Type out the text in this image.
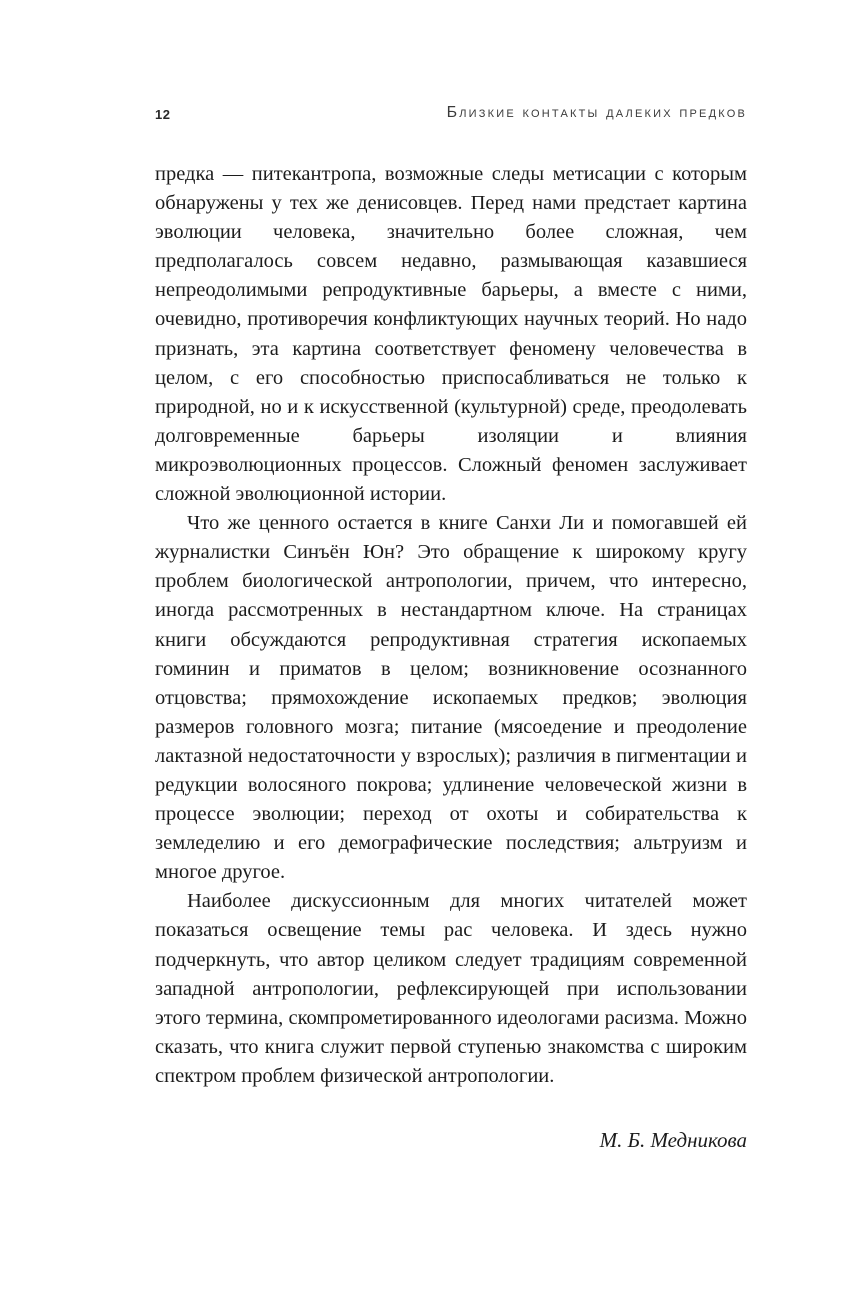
12	Близкие контакты далеких предков

предка — питекантропа, возможные следы метисации с которым обнаружены у тех же денисовцев. Перед нами предстает картина эволюции человека, значительно более сложная, чем предполагалось совсем недавно, размывающая казавшиеся непреодолимыми репродуктивные барьеры, а вместе с ними, очевидно, противоречия конфликтующих научных теорий. Но надо признать, эта картина соответствует феномену человечества в целом, с его способностью приспосабливаться не только к природной, но и к искусственной (культурной) среде, преодолевать долговременные барьеры изоляции и влияния микроэволюционных процессов. Сложный феномен заслуживает сложной эволюционной истории.

Что же ценного остается в книге Санхи Ли и помогавшей ей журналистки Синъён Юн? Это обращение к широкому кругу проблем биологической антропологии, причем, что интересно, иногда рассмотренных в нестандартном ключе. На страницах книги обсуждаются репродуктивная стратегия ископаемых гоминин и приматов в целом; возникновение осознанного отцовства; прямохождение ископаемых предков; эволюция размеров головного мозга; питание (мясоедение и преодоление лактазной недостаточности у взрослых); различия в пигментации и редукции волосяного покрова; удлинение человеческой жизни в процессе эволюции; переход от охоты и собирательства к земледелию и его демографические последствия; альтруизм и многое другое.

Наиболее дискуссионным для многих читателей может показаться освещение темы рас человека. И здесь нужно подчеркнуть, что автор целиком следует традициям современной западной антропологии, рефлексирующей при использовании этого термина, скомпрометированного идеологами расизма. Можно сказать, что книга служит первой ступенью знакомства с широким спектром проблем физической антропологии.

М. Б. Медникова
